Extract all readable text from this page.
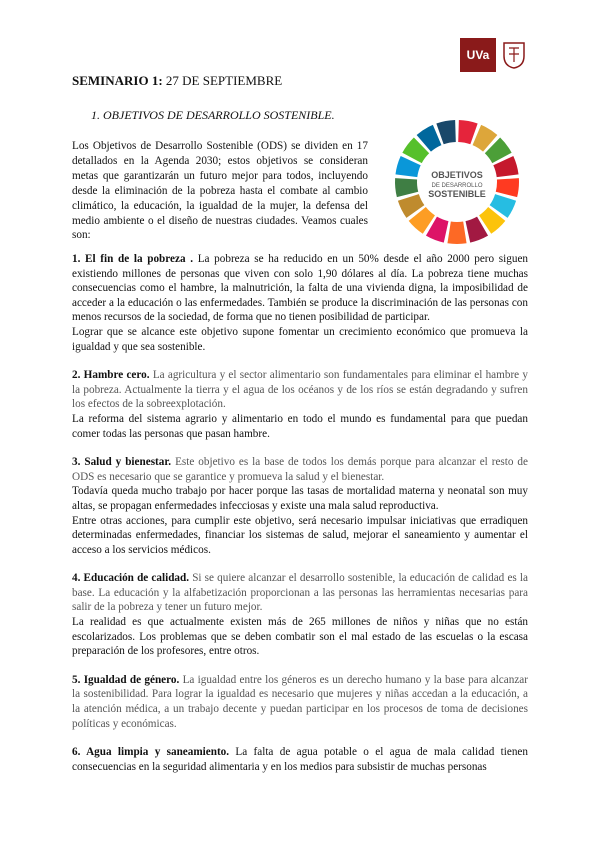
UVa
SEMINARIO 1: 27 DE SEPTIEMBRE
1. OBJETIVOS DE DESARROLLO SOSTENIBLE.
Los Objetivos de Desarrollo Sostenible (ODS) se dividen en 17 detallados en la Agenda 2030; estos objetivos se consideran metas que garantizarán un futuro mejor para todos, incluyendo desde la eliminación de la pobreza hasta el combate al cambio climático, la educación, la igualdad de la mujer, la defensa del medio ambiente o el diseño de nuestras ciudades. Veamos cuales son:
OBJETIVOS
DE DESARROLLO
SOSTENIBLE

1. El fin de la pobreza . La pobreza se ha reducido en un 50% desde el año 2000 pero siguen existiendo millones de personas que viven con solo 1,90 dólares al día. La pobreza tiene muchas consecuencias como el hambre, la malnutrición, la falta de una vivienda digna, la imposibilidad de acceder a la educación o las enfermedades. También se produce la discriminación de las personas con menos recursos de la sociedad, de forma que no tienen posibilidad de participar.

Lograr que se alcance este objetivo supone fomentar un crecimiento económico que promueva la igualdad y que sea sostenible.

2. Hambre cero. La agricultura y el sector alimentario son fundamentales para eliminar el hambre y la pobreza. Actualmente la tierra y el agua de los océanos y de los ríos se están degradando y sufren los efectos de la sobreexplotación.

La reforma del sistema agrario y alimentario en todo el mundo es fundamental para que puedan comer todas las personas que pasan hambre.

3. Salud y bienestar. Este objetivo es la base de todos los demás porque para alcanzar el resto de ODS es necesario que se garantice y promueva la salud y el bienestar.

Todavía queda mucho trabajo por hacer porque las tasas de mortalidad materna y neonatal son muy altas, se propagan enfermedades infecciosas y existe una mala salud reproductiva.

Entre otras acciones, para cumplir este objetivo, será necesario impulsar iniciativas que erradiquen determinadas enfermedades, financiar los sistemas de salud, mejorar el saneamiento y aumentar el acceso a los servicios médicos.

4. Educación de calidad. Si se quiere alcanzar el desarrollo sostenible, la educación de calidad es la base. La educación y la alfabetización proporcionan a las personas las herramientas necesarias para salir de la pobreza y tener un futuro mejor.

La realidad es que actualmente existen más de 265 millones de niños y niñas que no están escolarizados. Los problemas que se deben combatir son el mal estado de las escuelas o la escasa preparación de los profesores, entre otros.

5. Igualdad de género. La igualdad entre los géneros es un derecho humano y la base para alcanzar la sostenibilidad. Para lograr la igualdad es necesario que mujeres y niñas accedan a la educación, a la atención médica, a un trabajo decente y puedan participar en los procesos de toma de decisiones políticas y económicas.

6. Agua limpia y saneamiento. La falta de agua potable o el agua de mala calidad tienen consecuencias en la seguridad alimentaria y en los medios para subsistir de muchas personas
